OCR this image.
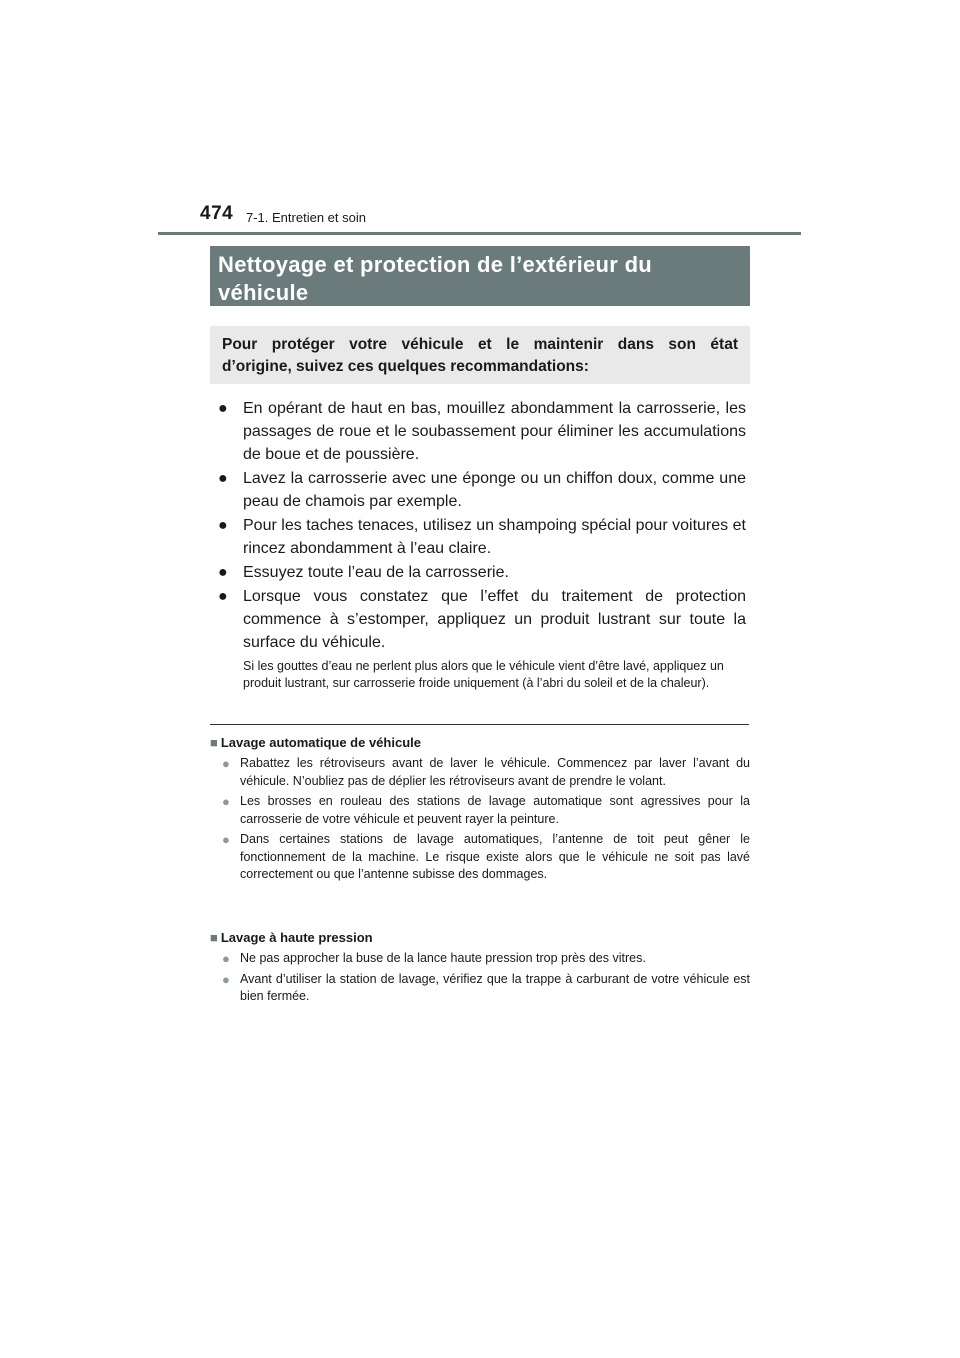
474 7-1. Entretien et soin
Nettoyage et protection de l’extérieur du
véhicule
Pour protéger votre véhicule et le maintenir dans son état
d’origine, suivez ces quelques recommandations:
● En opérant de haut en bas, mouillez abondamment la carrosserie, les passages de roue et le soubassement pour éliminer les accumulations de boue et de poussière.
● Lavez la carrosserie avec une éponge ou un chiffon doux, comme une peau de chamois par exemple.
● Pour les taches tenaces, utilisez un shampoing spécial pour voitures et rincez abondamment à l’eau claire.
● Essuyez toute l’eau de la carrosserie.
● Lorsque vous constatez que l’effet du traitement de protection commence à s’estomper, appliquez un produit lustrant sur toute la surface du véhicule.
Si les gouttes d’eau ne perlent plus alors que le véhicule vient d’être lavé, appliquez un produit lustrant, sur carrosserie froide uniquement (à l’abri du soleil et de la chaleur).
■ Lavage automatique de véhicule
● Rabattez les rétroviseurs avant de laver le véhicule. Commencez par laver l’avant du véhicule. N’oubliez pas de déplier les rétroviseurs avant de prendre le volant.
● Les brosses en rouleau des stations de lavage automatique sont agressives pour la carrosserie de votre véhicule et peuvent rayer la peinture.
● Dans certaines stations de lavage automatiques, l’antenne de toit peut gêner le fonctionnement de la machine. Le risque existe alors que le véhicule ne soit pas lavé correctement ou que l’antenne subisse des dommages.
■ Lavage à haute pression
● Ne pas approcher la buse de la lance haute pression trop près des vitres.
● Avant d’utiliser la station de lavage, vérifiez que la trappe à carburant de votre véhicule est bien fermée.
